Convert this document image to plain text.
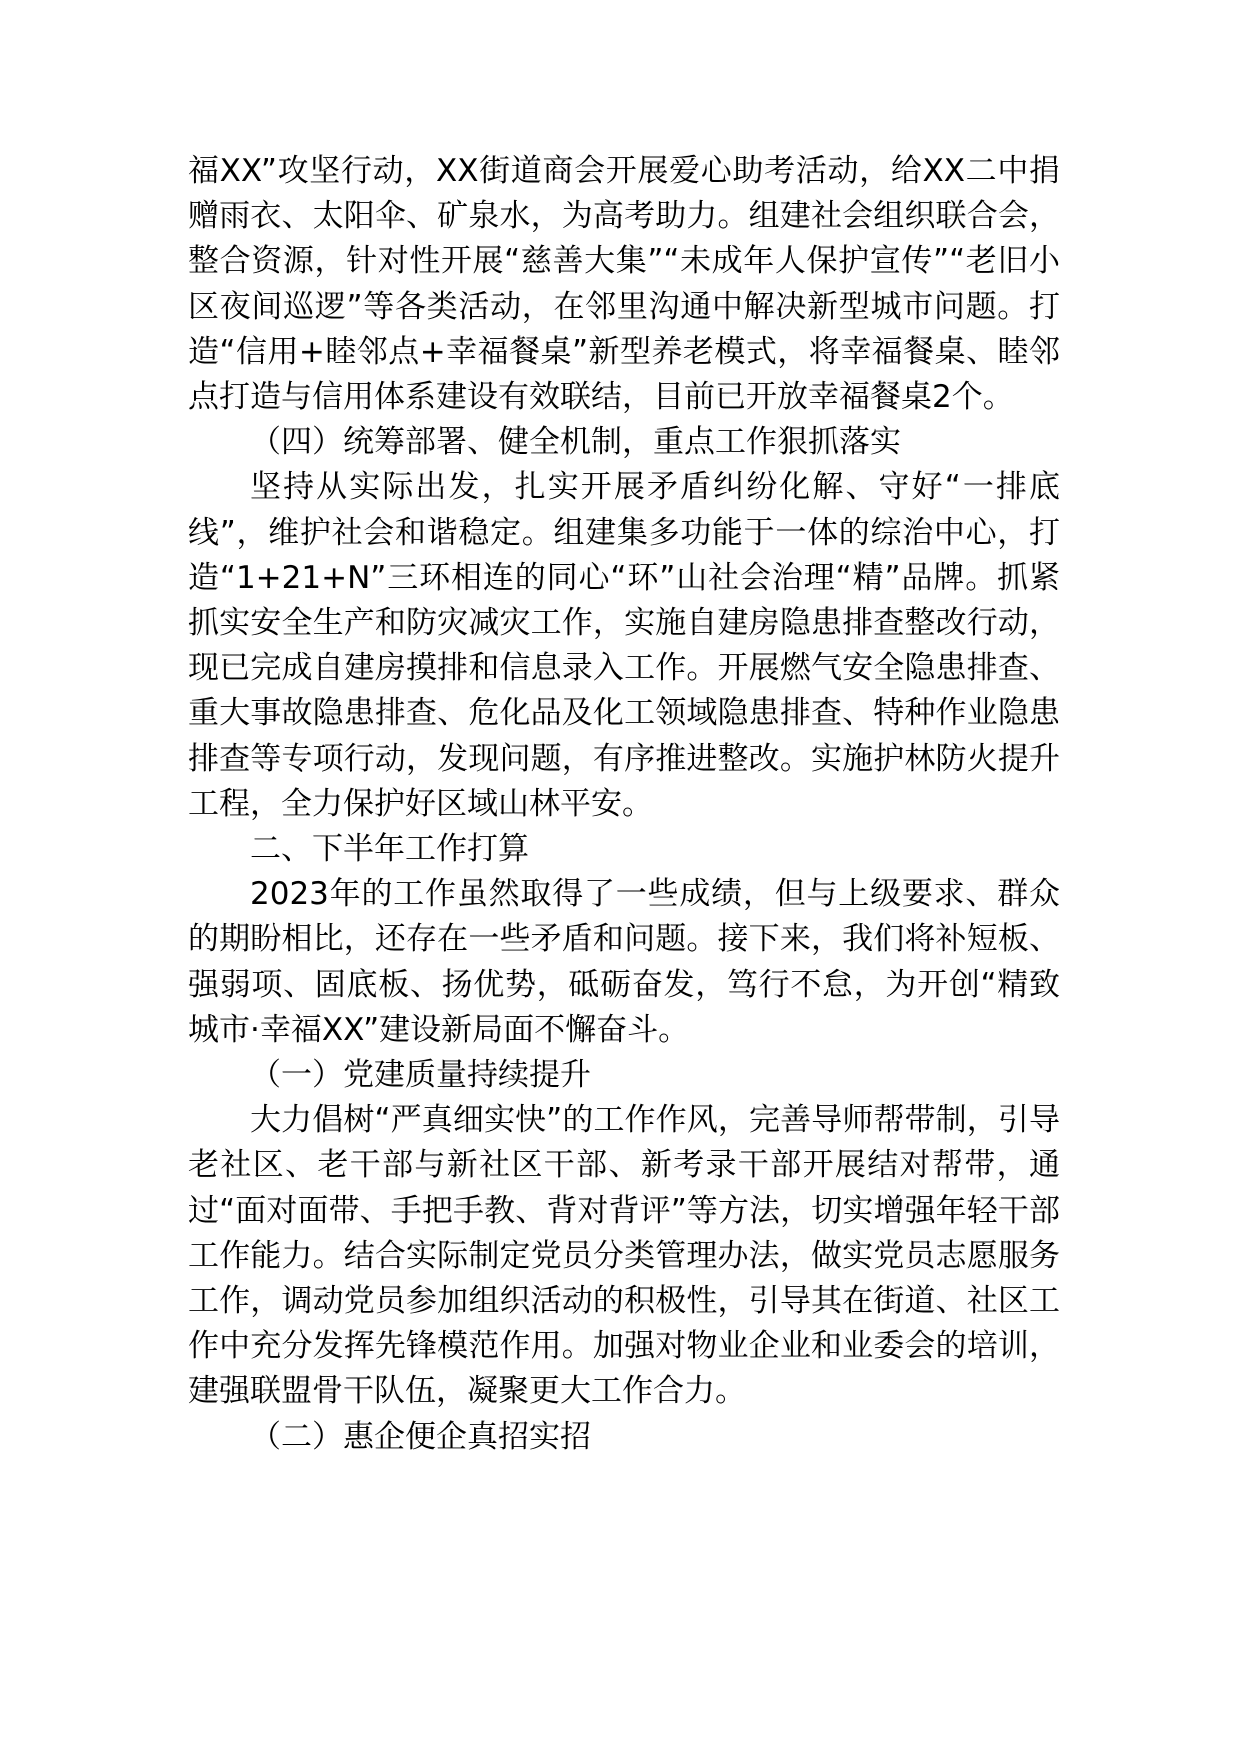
福XX”攻坚行动，XX街道商会开展爱心助考活动，给XX二中捐赠雨衣、太阳伞、矿泉水，为高考助力。组建社会组织联合会，整合资源，针对性开展“慈善大集”“未成年人保护宣传”“老旧小区夜间巡逻”等各类活动，在邻里沟通中解决新型城市问题。打造“信用+睦邻点+幸福餐桌”新型养老模式，将幸福餐桌、睦邻点打造与信用体系建设有效联结，目前已开放幸福餐桌2个。

（四）统筹部署、健全机制，重点工作狠抓落实

坚持从实际出发，扎实开展矛盾纠纷化解、守好“一排底线”，维护社会和谐稳定。组建集多功能于一体的综治中心，打造“1+21+N”三环相连的同心“环”山社会治理“精”品牌。抓紧抓实安全生产和防灾减灾工作，实施自建房隐患排查整改行动，现已完成自建房摸排和信息录入工作。开展燃气安全隐患排查、重大事故隐患排查、危化品及化工领域隐患排查、特种作业隐患排查等专项行动，发现问题，有序推进整改。实施护林防火提升工程，全力保护好区域山林平安。

二、下半年工作打算

2023年的工作虽然取得了一些成绩，但与上级要求、群众的期盼相比，还存在一些矛盾和问题。接下来，我们将补短板、强弱项、固底板、扬优势，砥砺奋发，笃行不怠，为开创“精致城市·幸福XX”建设新局面不懈奋斗。

（一）党建质量持续提升

大力倡树“严真细实快”的工作作风，完善导师帮带制，引导老社区、老干部与新社区干部、新考录干部开展结对帮带，通过“面对面带、手把手教、背对背评”等方法，切实增强年轻干部工作能力。结合实际制定党员分类管理办法，做实党员志愿服务工作，调动党员参加组织活动的积极性，引导其在街道、社区工作中充分发挥先锋模范作用。加强对物业企业和业委会的培训，建强联盟骨干队伍，凝聚更大工作合力。

（二）惠企便企真招实招
